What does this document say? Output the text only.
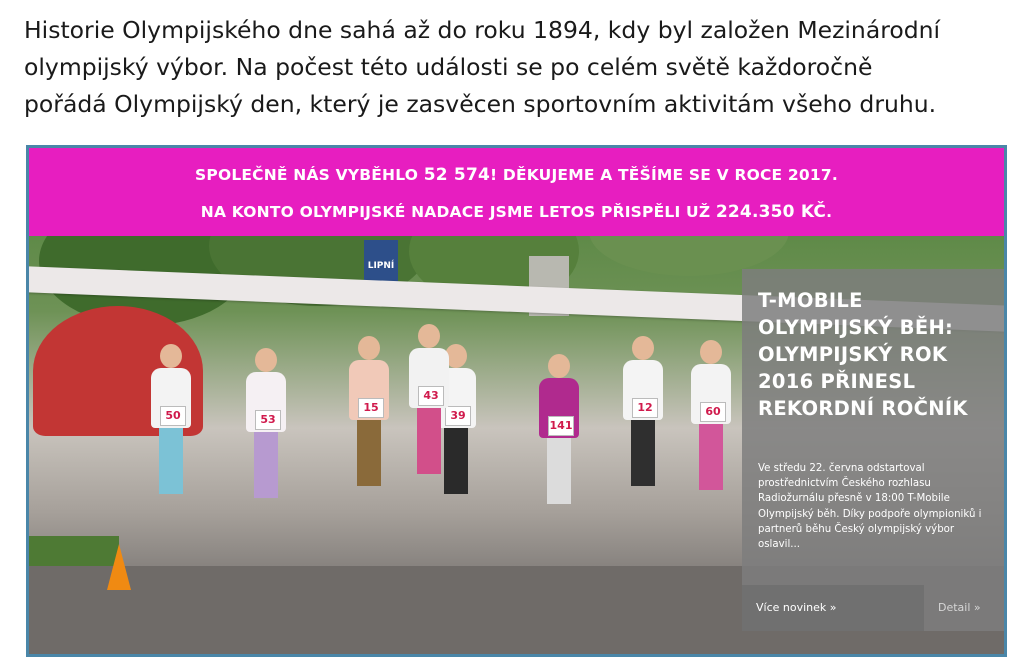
Historie Olympijského dne sahá až do roku 1894, kdy byl založen Mezinárodní
olympijský výbor. Na počest této události se po celém světě každoročně
pořádá Olympijský den, který je zasvěcen sportovním aktivitám všeho druhu.
SPOLEČNĚ NÁS VYBĚHLO 52 574! DĚKUJEME A TĚŠÍME SE V ROCE 2017.
NA KONTO OLYMPIJSKÉ NADACE JSME LETOS PŘISPĚLI UŽ 224.350 KČ.
LIPNÍ
50	53
15
39
141
12	60
43
T-MOBILE OLYMPIJSKÝ BĚH: OLYMPIJSKÝ ROK 2016 PŘINESL REKORDNÍ ROČNÍK

Ve středu 22. června odstartoval prostřednictvím Českého rozhlasu Radiožurnálu přesně v 18:00 T-Mobile Olympijský běh. Díky podpoře olympioniků i partnerů běhu Český olympijský výbor oslavil...

Více novinek »	Detail »
